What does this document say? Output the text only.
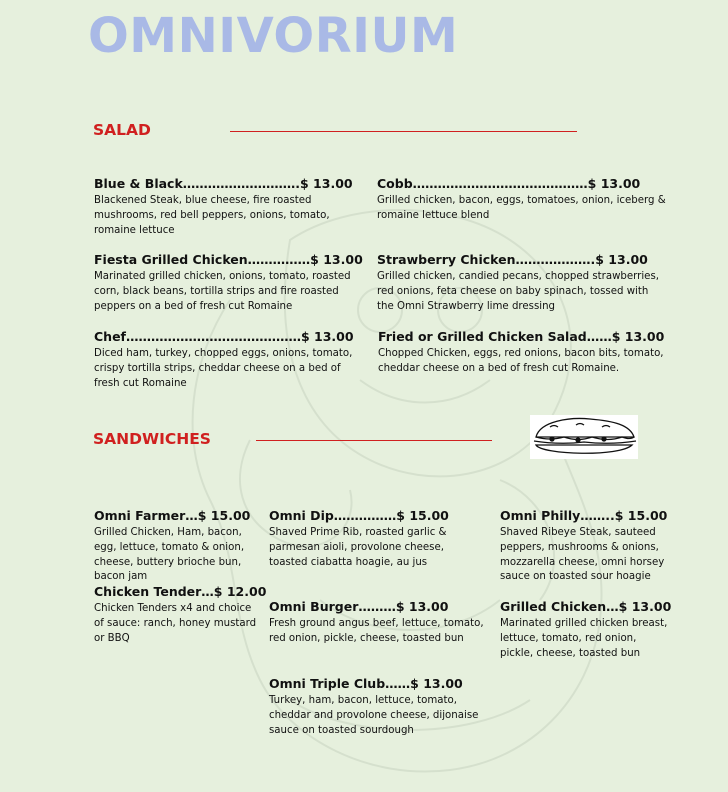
OMNIVORIUM
SALAD
Blue & Black……………………….$ 13.00
Blackened Steak, blue cheese, fire roasted mushrooms, red bell peppers, onions, tomato, romaine lettuce
Cobb……………………………………$ 13.00
Grilled chicken, bacon, eggs, tomatoes, onion, iceberg & romaine lettuce blend
Fiesta Grilled Chicken……………$ 13.00
Marinated grilled chicken, onions, tomato, roasted corn, black beans, tortilla strips and fire roasted peppers on a bed of fresh cut Romaine
Strawberry Chicken……………….$ 13.00
Grilled chicken, candied pecans, chopped strawberries, red onions, feta cheese on baby spinach, tossed with the Omni Strawberry lime dressing
Chef……………………………………$ 13.00
Diced ham, turkey, chopped eggs, onions, tomato, crispy tortilla strips, cheddar cheese on a bed of fresh cut Romaine
Fried or Grilled Chicken Salad……$ 13.00
Chopped Chicken, eggs, red onions, bacon bits, tomato, cheddar cheese on a bed of fresh cut Romaine.
SANDWICHES
Omni Farmer…$ 15.00
Grilled Chicken, Ham, bacon, egg, lettuce, tomato & onion, cheese, buttery brioche bun, bacon jam
Omni Dip……………$ 15.00
Shaved Prime Rib, roasted garlic & parmesan aioli, provolone cheese, toasted ciabatta hoagie, au jus
Omni Philly……..$ 15.00
Shaved Ribeye Steak, sauteed peppers, mushrooms & onions, mozzarella cheese, omni horsey sauce on toasted sour hoagie
Chicken Tender…$ 12.00
Chicken Tenders x4 and choice of sauce: ranch, honey mustard or BBQ
Omni Burger………$ 13.00
Fresh ground angus beef, lettuce, tomato, red onion, pickle, cheese, toasted bun
Grilled Chicken…$ 13.00
Marinated grilled chicken breast, lettuce, tomato, red onion, pickle, cheese, toasted bun
Omni Triple Club……$ 13.00
Turkey, ham, bacon, lettuce, tomato, cheddar and provolone cheese, dijonaise sauce on toasted sourdough
